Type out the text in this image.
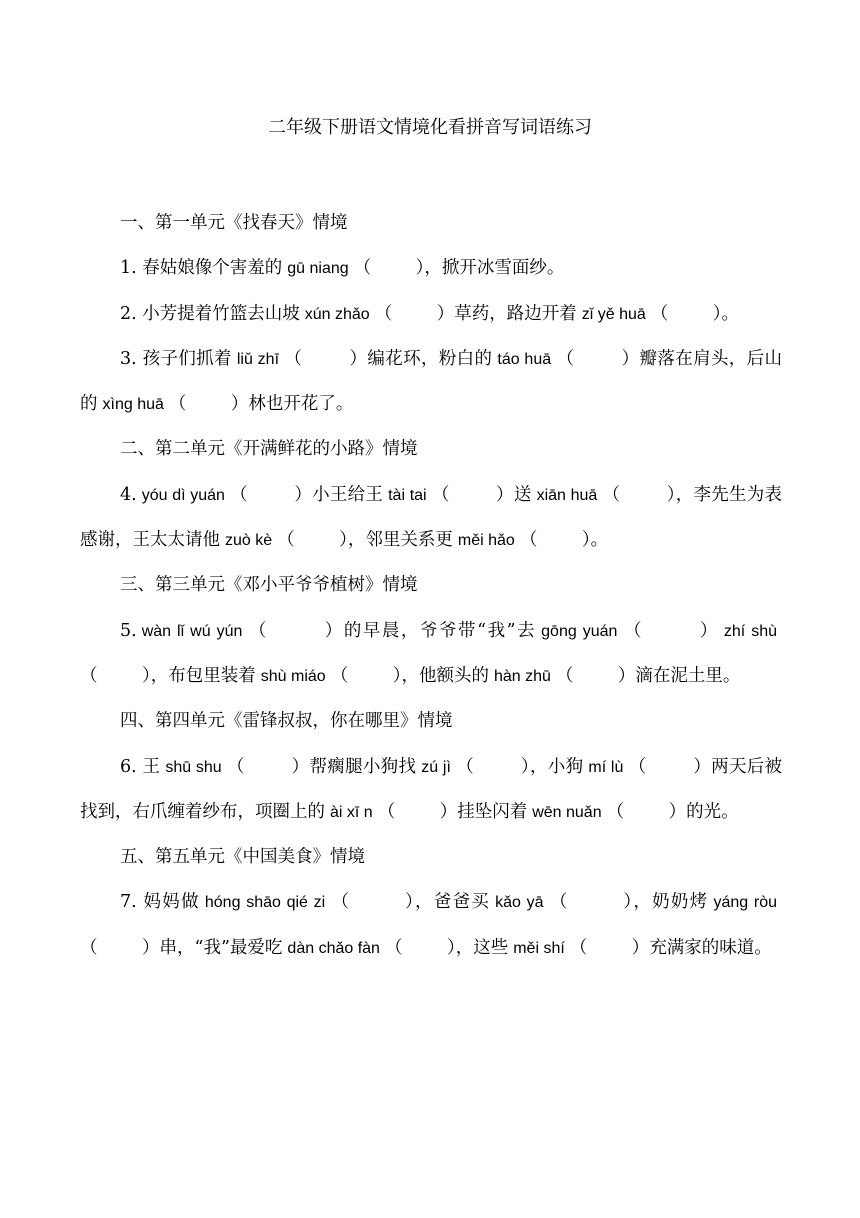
二年级下册语文情境化看拼音写词语练习

一、第一单元《找春天》情境

1. 春姑娘像个害羞的 gū niang （        ），掀开冰雪面纱。

2. 小芳提着竹篮去山坡 xún zhǎo （        ）草药，路边开着 zǐ yě huā （        ）。

3. 孩子们抓着 liǔ zhī （        ）编花环，粉白的 táo huā （        ）瓣落在肩头，后山的 xìng huā （        ）林也开花了。

二、第二单元《开满鲜花的小路》情境

4. yóu dì yuán （        ）小王给王 tài tai （        ）送 xiān huā （        ），李先生为表感谢，王太太请他 zuò kè （        ），邻里关系更 měi hǎo （        ）。

三、第三单元《邓小平爷爷植树》情境

5. wàn lǐ wú yún （        ）的早晨，爷爷带“我”去 gōng yuán （        ） zhí shù（        ），布包里装着 shù miáo （        ），他额头的 hàn zhū （        ）滴在泥土里。

四、第四单元《雷锋叔叔，你在哪里》情境

6. 王 shū shu （        ）帮瘸腿小狗找 zú jì （        ），小狗 mí lù （        ）两天后被找到，右爪缠着纱布，项圈上的 ài xī n （        ）挂坠闪着 wēn nuǎn （        ）的光。

五、第五单元《中国美食》情境

7. 妈妈做 hóng shāo qié zi （        ），爸爸买 kǎo yā （        ），奶奶烤 yáng ròu（        ）串，“我”最爱吃 dàn chǎo fàn （        ），这些 měi shí （        ）充满家的味道。
